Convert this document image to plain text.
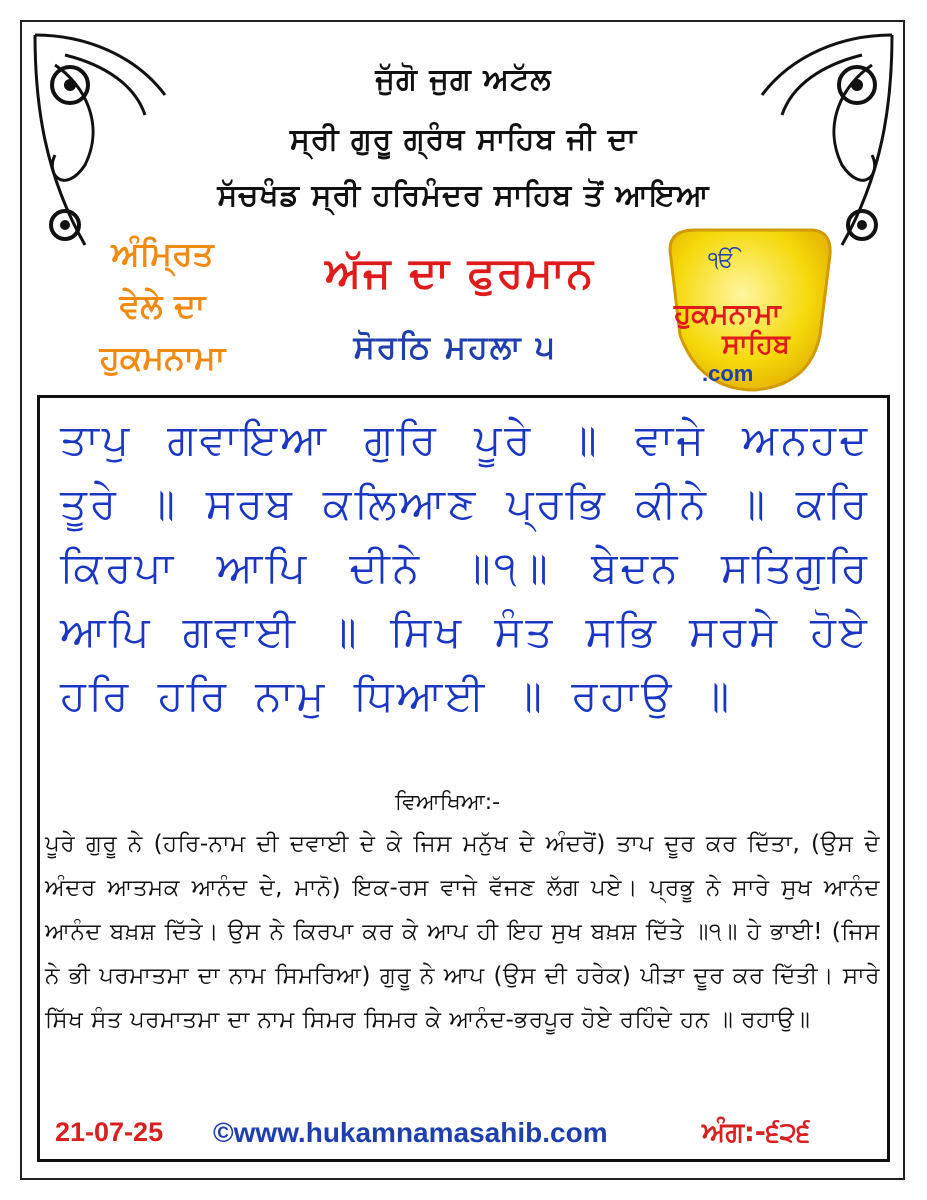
ਜੁੱਗੋ ਜੁਗ ਅਟੱਲ
ਸ੍ਰੀ ਗੁਰੂ ਗ੍ਰੰਥ ਸਾਹਿਬ ਜੀ ਦਾ
ਸੱਚਖੰਡ ਸ੍ਰੀ ਹਰਿਮੰਦਰ ਸਾਹਿਬ ਤੋਂ ਆਇਆ
ਅੰਮ੍ਰਿਤ
ਵੇਲੇ ਦਾ
ਹੁਕਮਨਾਮਾ
ਅੱਜ ਦਾ ਫੁਰਮਾਨ
ਸੋਰਠਿ ਮਹਲਾ ੫
ੴ
ਹੁਕਮਨਾਮਾ
ਸਾਹਿਬ
.com
ਤਾਪੁ ਗਵਾਇਆ ਗੁਰਿ ਪੂਰੇ ॥ ਵਾਜੇ ਅਨਹਦ ਤੂਰੇ ॥ ਸਰਬ ਕਲਿਆਣ ਪ੍ਰਭਿ ਕੀਨੇ ॥ ਕਰਿ ਕਿਰਪਾ ਆਪਿ ਦੀਨੇ ॥੧॥ ਬੇਦਨ ਸਤਿਗੁਰਿ ਆਪਿ ਗਵਾਈ ॥ ਸਿਖ ਸੰਤ ਸਭਿ ਸਰਸੇ ਹੋਏ ਹਰਿ ਹਰਿ ਨਾਮੁ ਧਿਆਈ ॥ ਰਹਾਉ ॥
ਵਿਆਖਿਆ:-
ਪੂਰੇ ਗੁਰੂ ਨੇ (ਹਰਿ-ਨਾਮ ਦੀ ਦਵਾਈ ਦੇ ਕੇ ਜਿਸ ਮਨੁੱਖ ਦੇ ਅੰਦਰੋਂ) ਤਾਪ ਦੂਰ ਕਰ ਦਿੱਤਾ, (ਉਸ ਦੇ ਅੰਦਰ ਆਤਮਕ ਆਨੰਦ ਦੇ, ਮਾਨੋ) ਇਕ-ਰਸ ਵਾਜੇ ਵੱਜਣ ਲੱਗ ਪਏ। ਪ੍ਰਭੂ ਨੇ ਸਾਰੇ ਸੁਖ ਆਨੰਦ ਆਨੰਦ ਬਖ਼ਸ਼ ਦਿੱਤੇ। ਉਸ ਨੇ ਕਿਰਪਾ ਕਰ ਕੇ ਆਪ ਹੀ ਇਹ ਸੁਖ ਬਖ਼ਸ਼ ਦਿੱਤੇ ॥੧॥ ਹੇ ਭਾਈ! (ਜਿਸ ਨੇ ਭੀ ਪਰਮਾਤਮਾ ਦਾ ਨਾਮ ਸਿਮਰਿਆ) ਗੁਰੂ ਨੇ ਆਪ (ਉਸ ਦੀ ਹਰੇਕ) ਪੀੜਾ ਦੂਰ ਕਰ ਦਿੱਤੀ। ਸਾਰੇ ਸਿੱਖ ਸੰਤ ਪਰਮਾਤਮਾ ਦਾ ਨਾਮ ਸਿਮਰ ਸਿਮਰ ਕੇ ਆਨੰਦ-ਭਰਪੂਰ ਹੋਏ ਰਹਿੰਦੇ ਹਨ ॥ ਰਹਾਉ॥
21-07-25 ©www.hukamnamasahib.com	ਅੰਗ:-੬੨੬
